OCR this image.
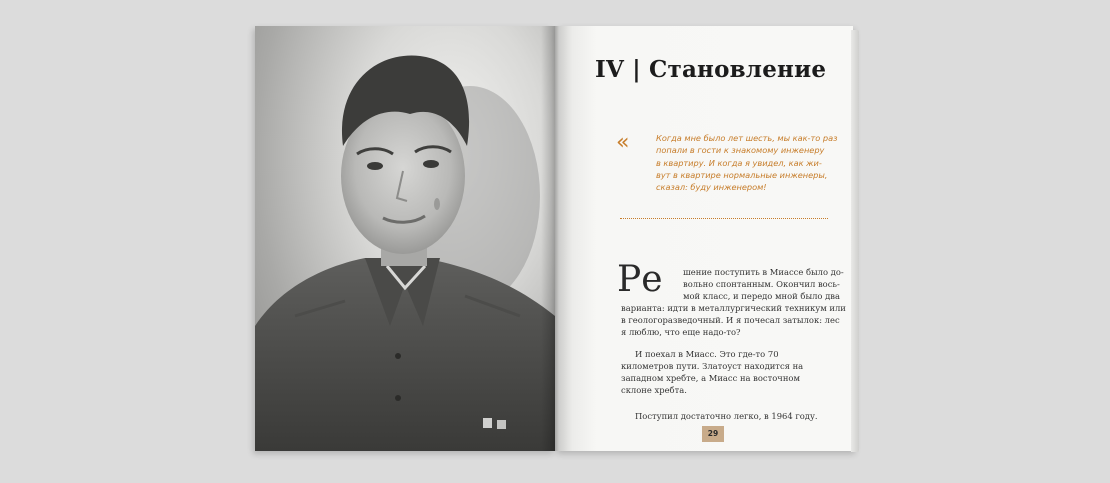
IV | Становление
«	Когда мне было лет шесть, мы как-то раз
попали в гости к знакомому инженеру
в квартиру. И когда я увидел, как жи-
вут в квартире нормальные инженеры,
сказал: буду инженером!
Ре	шение поступить в Миассе было до-
вольно спонтанным. Окончил вось-
мой класс, и передо мной было два
варианта: идти в металлургический техникум или
в геологоразведочный. И я почесал затылок: лес
я люблю, что еще надо-то?
И поехал в Миасс. Это где-то 70 километров пути. Златоуст находится на западном хребте, а Миасс на восточном склоне хребта.
Поступил достаточно легко, в 1964 году.
29
